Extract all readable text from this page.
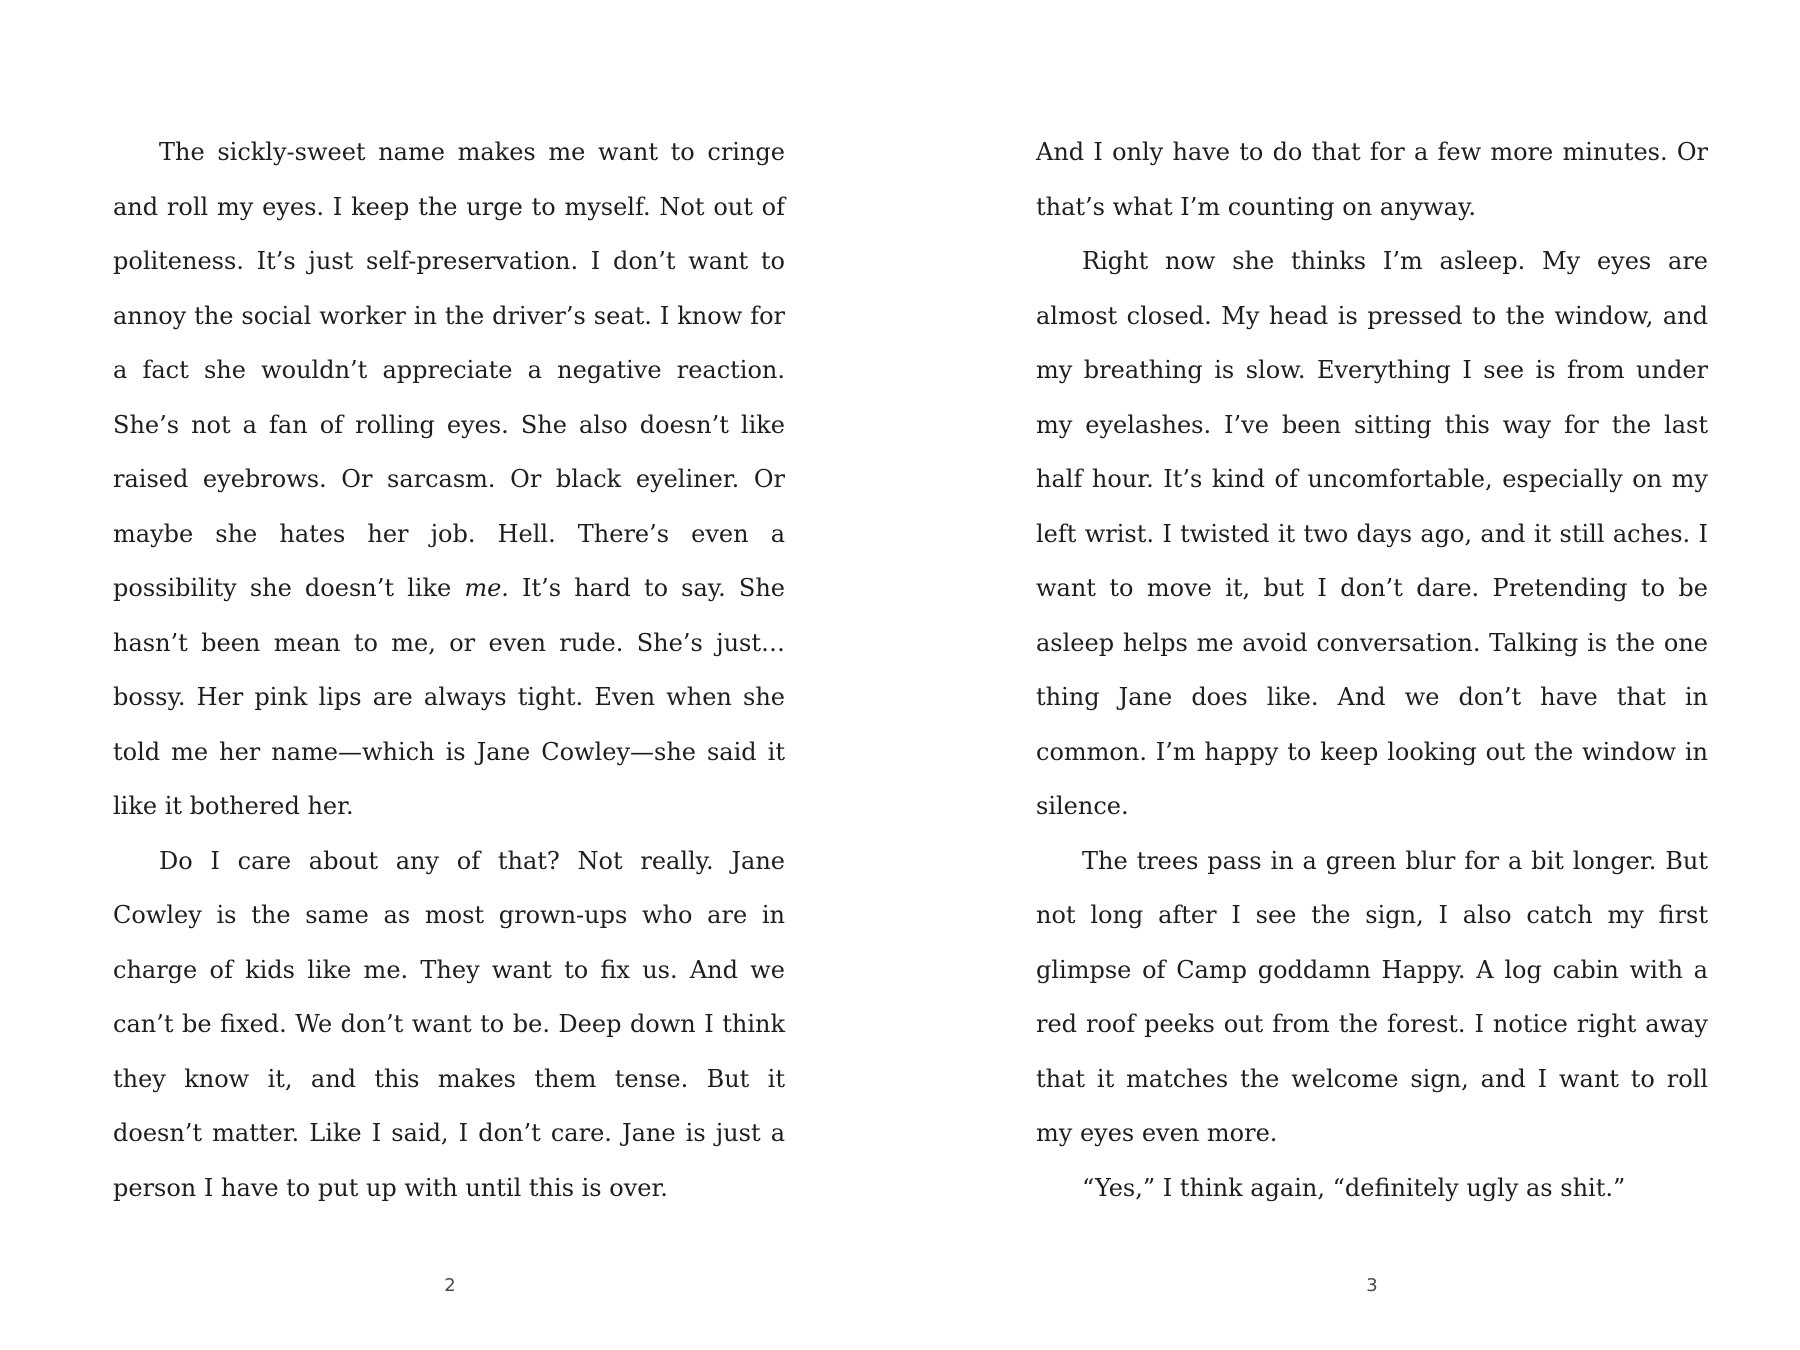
The sickly-sweet name makes me want to cringe and roll my eyes. I keep the urge to myself. Not out of politeness. It’s just self-preservation. I don’t want to annoy the social worker in the driver’s seat. I know for a fact she wouldn’t appreciate a negative reaction. She’s not a fan of rolling eyes. She also doesn’t like raised eyebrows. Or sarcasm. Or black eyeliner. Or maybe she hates her job. Hell. There’s even a possibility she doesn’t like me. It’s hard to say. She hasn’t been mean to me, or even rude. She’s just…bossy. Her pink lips are always tight. Even when she told me her name—which is Jane Cowley—she said it like it bothered her.

Do I care about any of that? Not really. Jane Cowley is the same as most grown-ups who are in charge of kids like me. They want to fix us. And we can’t be fixed. We don’t want to be. Deep down I think they know it, and this makes them tense. But it doesn’t matter. Like I said, I don’t care. Jane is just a person I have to put up with until this is over.

And I only have to do that for a few more minutes. Or that’s what I’m counting on anyway.

Right now she thinks I’m asleep. My eyes are almost closed. My head is pressed to the window, and my breathing is slow. Everything I see is from under my eyelashes. I’ve been sitting this way for the last half hour. It’s kind of uncomfortable, especially on my left wrist. I twisted it two days ago, and it still aches. I want to move it, but I don’t dare. Pretending to be asleep helps me avoid conversation. Talking is the one thing Jane does like. And we don’t have that in common. I’m happy to keep looking out the window in silence.

The trees pass in a green blur for a bit longer. But not long after I see the sign, I also catch my first glimpse of Camp goddamn Happy. A log cabin with a red roof peeks out from the forest. I notice right away that it matches the welcome sign, and I want to roll my eyes even more.

“Yes,” I think again, “definitely ugly as shit.”

2	3
